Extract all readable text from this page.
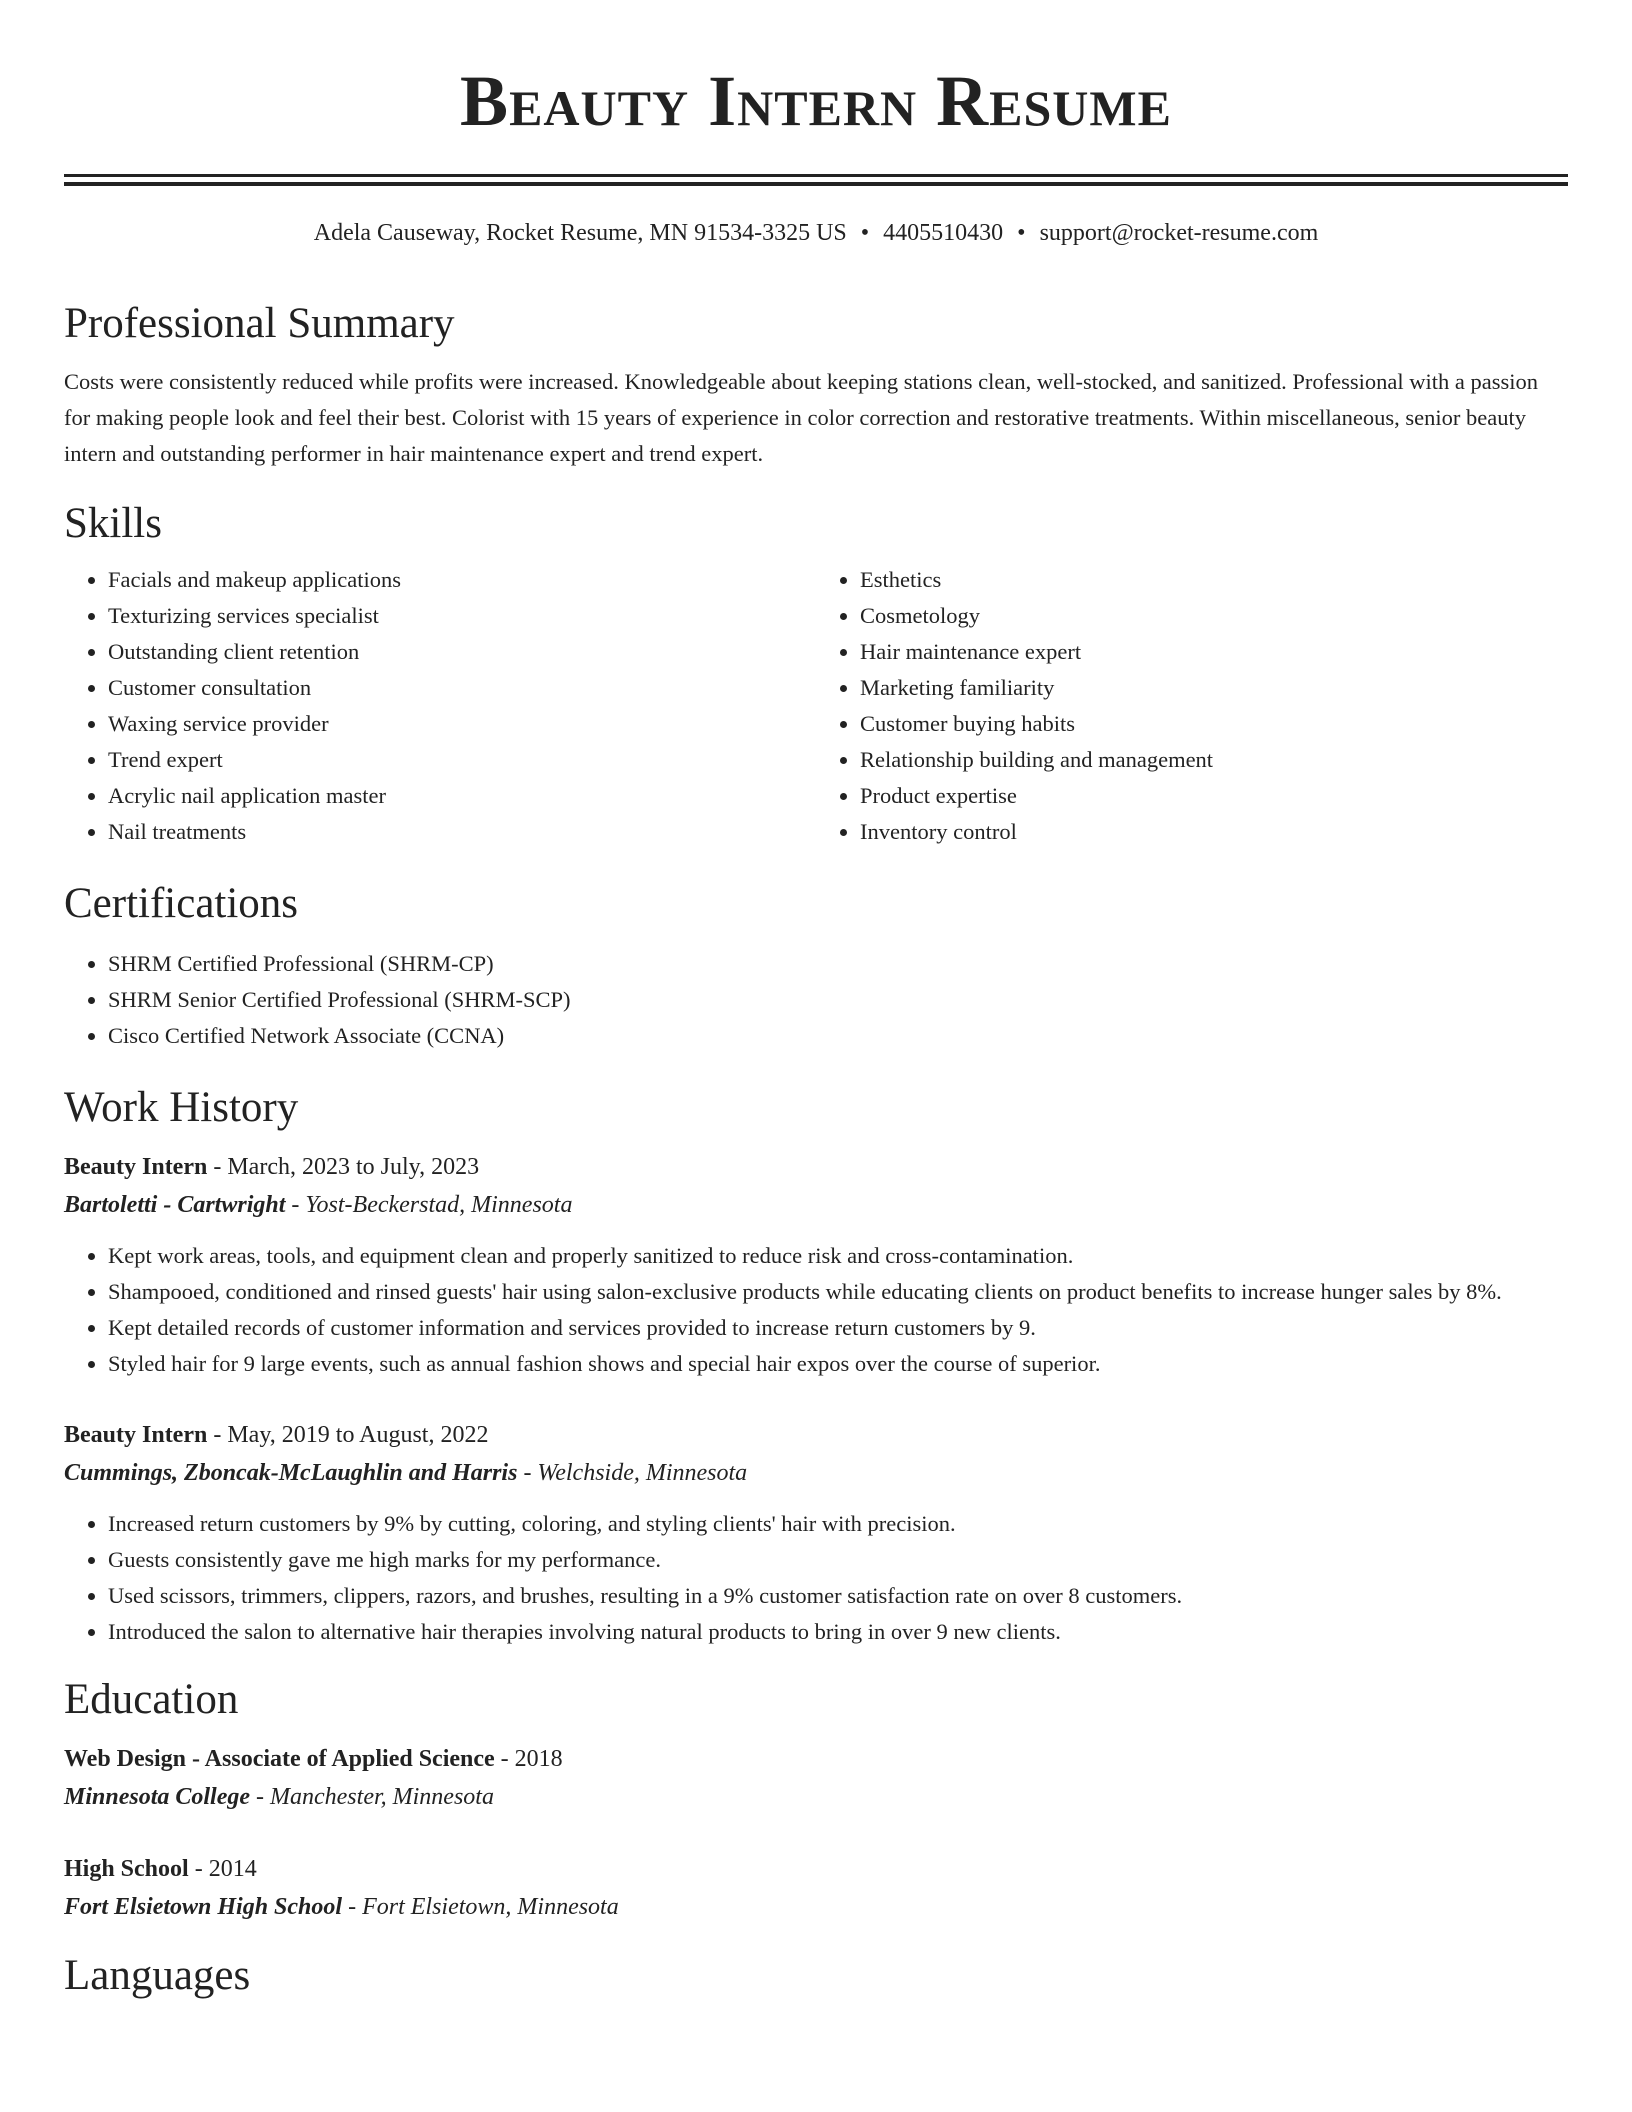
Beauty Intern Resume
Adela Causeway, Rocket Resume, MN 91534-3325 US • 4405510430 • support@rocket-resume.com
Professional Summary
Costs were consistently reduced while profits were increased. Knowledgeable about keeping stations clean, well-stocked, and sanitized. Professional with a passion for making people look and feel their best. Colorist with 15 years of experience in color correction and restorative treatments. Within miscellaneous, senior beauty intern and outstanding performer in hair maintenance expert and trend expert.
Skills
• Facials and makeup applications
• Texturizing services specialist
• Outstanding client retention
• Customer consultation
• Waxing service provider
• Trend expert
• Acrylic nail application master
• Nail treatments
• Esthetics
• Cosmetology
• Hair maintenance expert
• Marketing familiarity
• Customer buying habits
• Relationship building and management
• Product expertise
• Inventory control
Certifications
• SHRM Certified Professional (SHRM-CP)
• SHRM Senior Certified Professional (SHRM-SCP)
• Cisco Certified Network Associate (CCNA)
Work History
Beauty Intern - March, 2023 to July, 2023
Bartoletti - Cartwright - Yost-Beckerstad, Minnesota
• Kept work areas, tools, and equipment clean and properly sanitized to reduce risk and cross-contamination.
• Shampooed, conditioned and rinsed guests' hair using salon-exclusive products while educating clients on product benefits to increase hunger sales by 8%.
• Kept detailed records of customer information and services provided to increase return customers by 9.
• Styled hair for 9 large events, such as annual fashion shows and special hair expos over the course of superior.
Beauty Intern - May, 2019 to August, 2022
Cummings, Zboncak-McLaughlin and Harris - Welchside, Minnesota
• Increased return customers by 9% by cutting, coloring, and styling clients' hair with precision.
• Guests consistently gave me high marks for my performance.
• Used scissors, trimmers, clippers, razors, and brushes, resulting in a 9% customer satisfaction rate on over 8 customers.
• Introduced the salon to alternative hair therapies involving natural products to bring in over 9 new clients.
Education
Web Design - Associate of Applied Science - 2018
Minnesota College - Manchester, Minnesota
High School - 2014
Fort Elsietown High School - Fort Elsietown, Minnesota
Languages
